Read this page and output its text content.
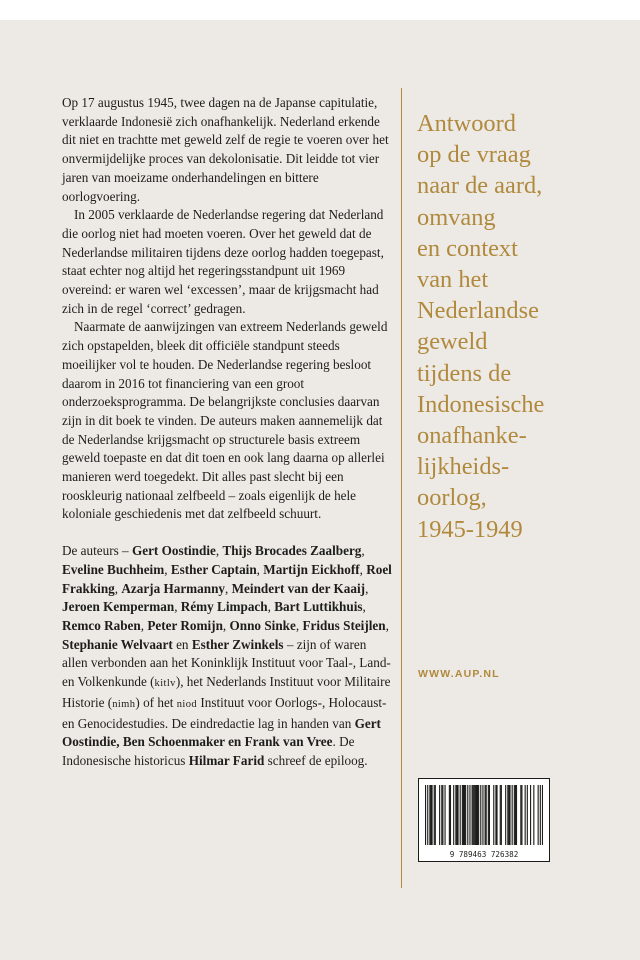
Op 17 augustus 1945, twee dagen na de Japanse capitulatie, verklaarde Indonesië zich onafhankelijk. Nederland erkende dit niet en trachtte met geweld zelf de regie te voeren over het onvermijdelijke proces van dekolonisatie. Dit leidde tot vier jaren van moeizame onderhandelingen en bittere oorlogvoering.

In 2005 verklaarde de Nederlandse regering dat Nederland die oorlog niet had moeten voeren. Over het geweld dat de Nederlandse militairen tijdens deze oorlog hadden toegepast, staat echter nog altijd het regeringsstandpunt uit 1969 overeind: er waren wel ‘excessen’, maar de krijgsmacht had zich in de regel ‘correct’ gedragen.

Naarmate de aanwijzingen van extreem Nederlands geweld zich opstapelden, bleek dit officiële standpunt steeds moeilijker vol te houden. De Nederlandse regering besloot daarom in 2016 tot financiering van een groot onderzoeksprogramma. De belangrijkste conclusies daarvan zijn in dit boek te vinden. De auteurs maken aannemelijk dat de Nederlandse krijgsmacht op structurele basis extreem geweld toepaste en dat dit toen en ook lang daarna op allerlei manieren werd toegedekt. Dit alles past slecht bij een rooskleurig nationaal zelfbeeld – zoals eigenlijk de hele koloniale geschiedenis met dat zelfbeeld schuurt.

De auteurs – Gert Oostindie, Thijs Brocades Zaalberg, Eveline Buchheim, Esther Captain, Martijn Eickhoff, Roel Frakking, Azarja Harmanny, Meindert van der Kaaij, Jeroen Kemperman, Rémy Limpach, Bart Luttikhuis, Remco Raben, Peter Romijn, Onno Sinke, Fridus Steijlen, Stephanie Welvaart en Esther Zwinkels – zijn of waren allen verbonden aan het Koninklijk Instituut voor Taal-, Land- en Volkenkunde (kitlv), het Nederlands Instituut voor Militaire Historie (nimh) of het niod Instituut voor Oorlogs-, Holocaust- en Genocidestudies. De eindredactie lag in handen van Gert Oostindie, Ben Schoenmaker en Frank van Vree. De Indonesische historicus Hilmar Farid schreef de epiloog.

Antwoord
op de vraag
naar de aard,
omvang
en context
van het
Nederlandse
geweld
tijdens de
Indonesische
onafhanke-
lijkheids-
oorlog,
1945-1949
WWW.AUP.NL
9 789463 726382
